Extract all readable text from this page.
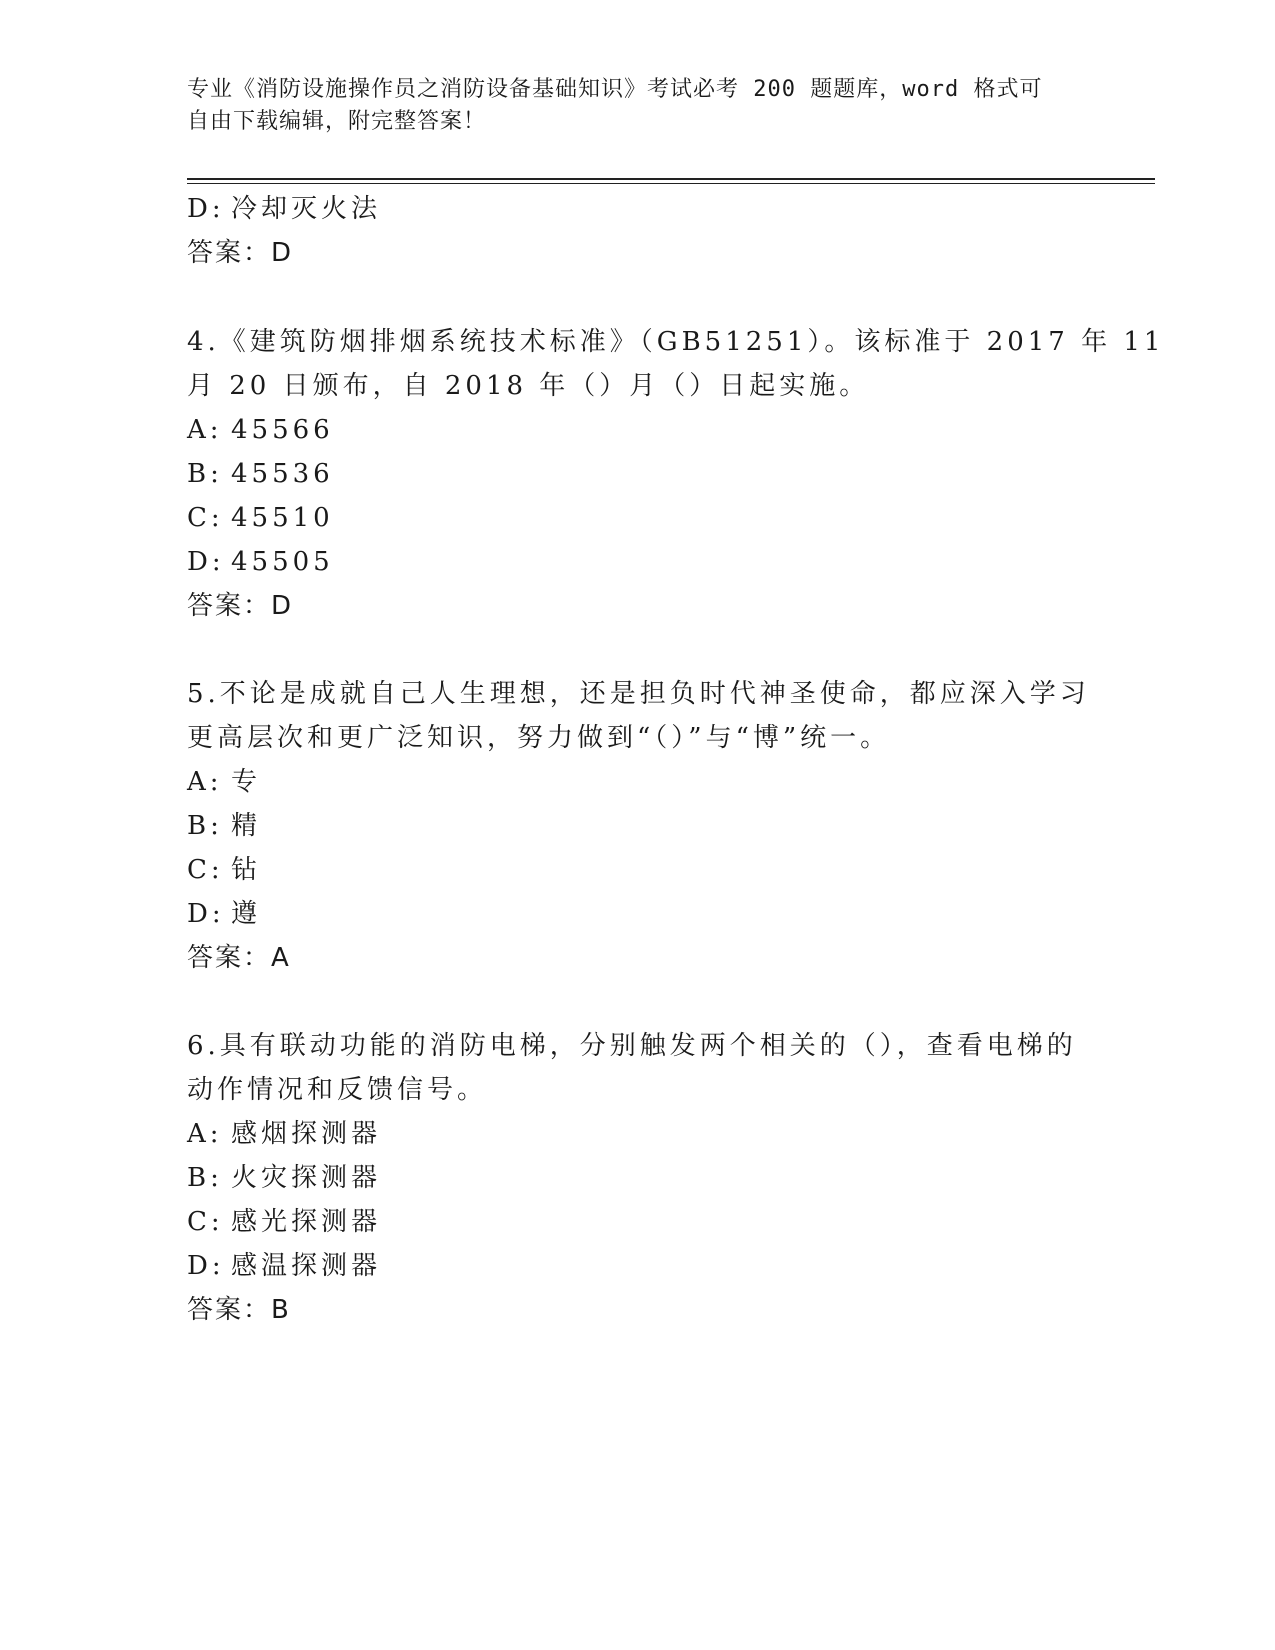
专业《消防设施操作员之消防设备基础知识》考试必考 200 题题库，word 格式可
自由下载编辑，附完整答案！
D: 冷却灭火法
答案：D
4.《建筑防烟排烟系统技术标准》（GB51251）。该标准于 2017 年 11
月 20 日颁布，自 2018 年（）月（）日起实施。
A: 45566
B: 45536
C: 45510
D: 45505
答案：D
5.不论是成就自己人生理想，还是担负时代神圣使命，都应深入学习
更高层次和更广泛知识，努力做到“（）”与“博”统一。
A: 专
B: 精
C: 钻
D: 遵
答案：A
6.具有联动功能的消防电梯，分别触发两个相关的（），查看电梯的
动作情况和反馈信号。
A: 感烟探测器
B: 火灾探测器
C: 感光探测器
D: 感温探测器
答案：B
